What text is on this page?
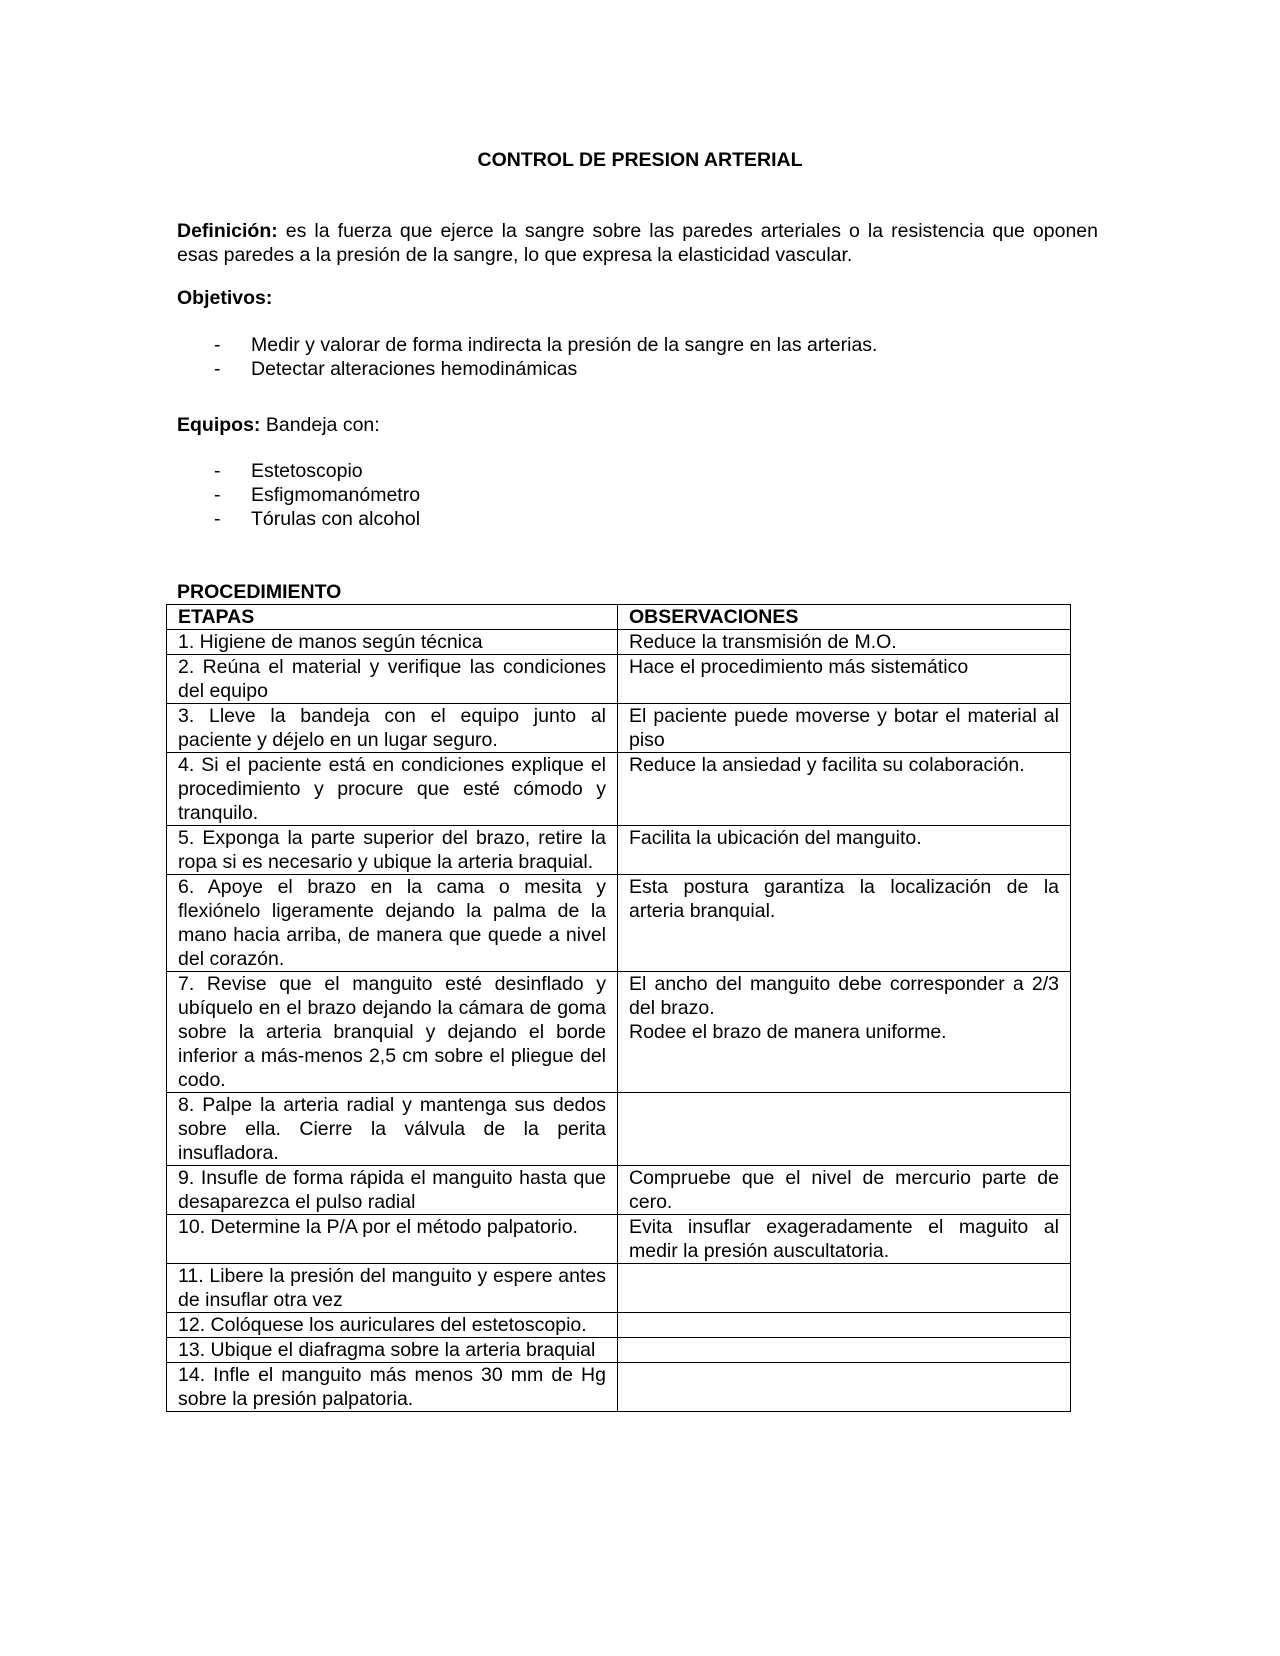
CONTROL DE PRESION ARTERIAL
Definición: es la fuerza que ejerce la sangre sobre las paredes arteriales o la resistencia que oponen esas paredes a la presión de la sangre, lo que expresa la elasticidad vascular.
Objetivos:
- Medir y valorar de forma indirecta la presión de la sangre en las arterias.
- Detectar alteraciones hemodinámicas
Equipos: Bandeja con:
- Estetoscopio
- Esfigmomanómetro
- Tórulas con alcohol
PROCEDIMIENTO
ETAPAS	OBSERVACIONES
1. Higiene de manos según técnica	Reduce la transmisión de M.O.

2. Reúna el material y verifique las condiciones del equipo	Hace el procedimiento más sistemático

3. Lleve la bandeja con el equipo junto al paciente y déjelo en un lugar seguro.	El paciente puede moverse y botar el material al piso

4. Si el paciente está en condiciones explique el procedimiento y procure que esté cómodo y tranquilo.	Reduce la ansiedad y facilita su colaboración.

5. Exponga la parte superior del brazo, retire la ropa si es necesario y ubique la arteria braquial.	Facilita la ubicación del manguito.

6. Apoye el brazo en la cama o mesita y flexiónelo ligeramente dejando la palma de la mano hacia arriba, de manera que quede a nivel del corazón.	Esta postura garantiza la localización de la arteria branquial.

7. Revise que el manguito esté desinflado y ubíquelo en el brazo dejando la cámara de goma sobre la arteria branquial y dejando el borde inferior a más-menos 2,5 cm sobre el pliegue del codo.	El ancho del manguito debe corresponder a 2/3 del brazo.
Rodee el brazo de manera uniforme.

8. Palpe la arteria radial y mantenga sus dedos sobre ella. Cierre la válvula de la perita insufladora.	
9. Insufle de forma rápida el manguito hasta que desaparezca el pulso radial	Compruebe que el nivel de mercurio parte de cero.

10. Determine la P/A por el método palpatorio.	Evita insuflar exageradamente el maguito al medir la presión auscultatoria.

11. Libere la presión del manguito y espere antes de insuflar otra vez	
12. Colóquese los auriculares del estetoscopio.	
13. Ubique el diafragma sobre la arteria braquial	
14. Infle el manguito más menos 30 mm de Hg sobre la presión palpatoria.	
